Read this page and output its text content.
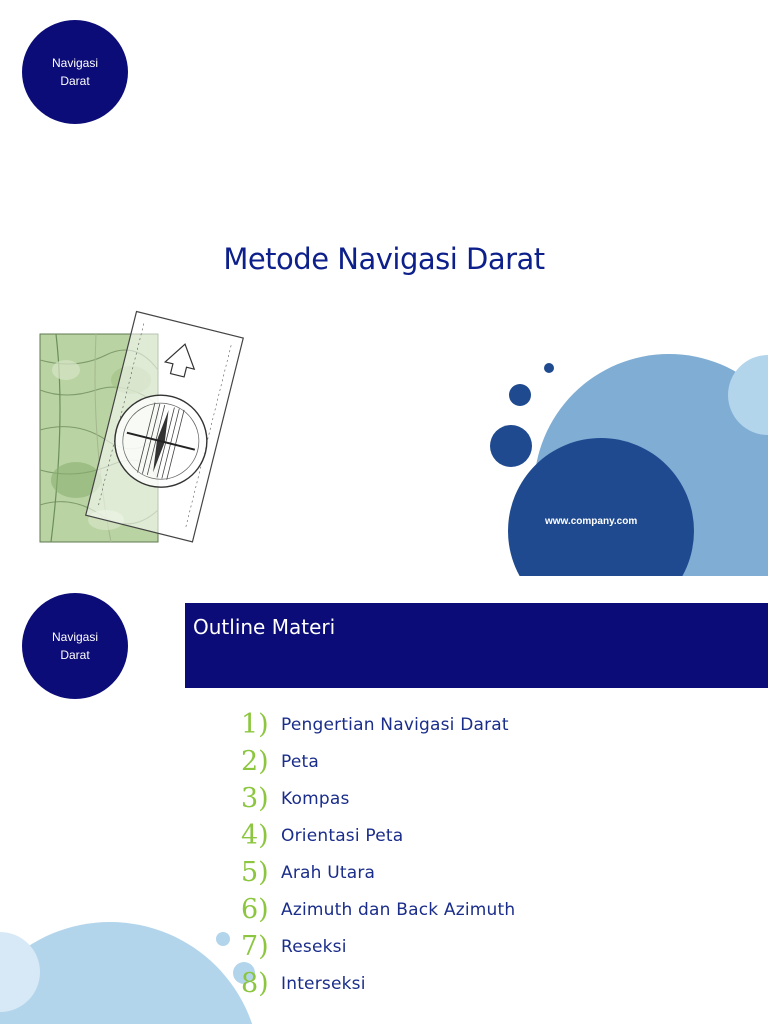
Navigasi
Darat
Metode Navigasi Darat
www.company.com
Navigasi
Darat
Outline Materi
1) Pengertian Navigasi Darat
2) Peta
3) Kompas
4) Orientasi Peta
5) Arah Utara
6) Azimuth dan Back Azimuth
7) Reseksi
8) Interseksi
